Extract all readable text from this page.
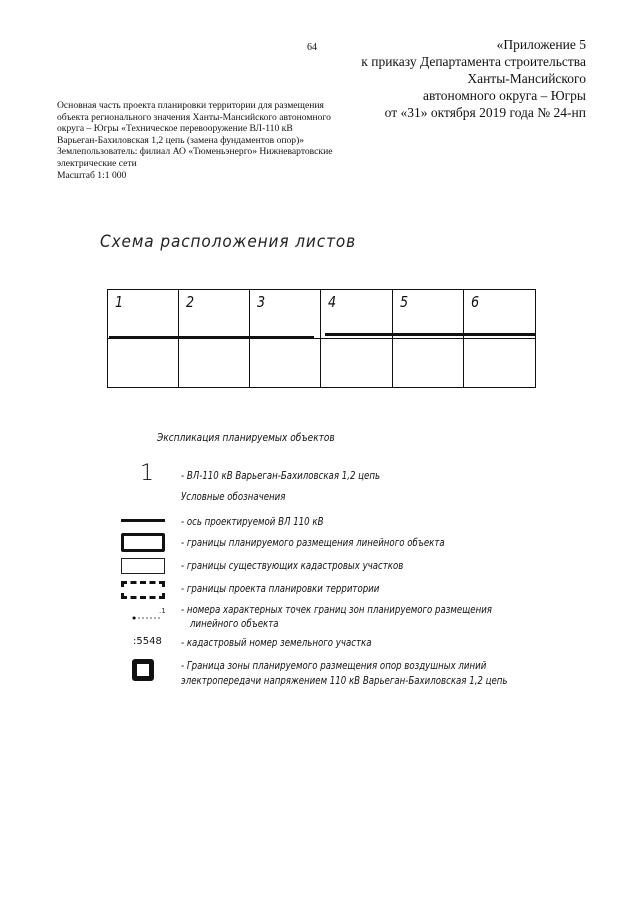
64	«Приложение 5
к приказу Департамента строительства
Ханты-Мансийского
автономного округа – Югры
от «31» октября 2019 года № 24-нп
Основная часть проекта планировки территории для размещения
объекта регионального значения Ханты-Мансийского автономного
округа – Югры «Техническое перевооружение ВЛ-110 кВ
Варьеган-Бахиловская 1,2 цепь (замена фундаментов опор)»
Землепользователь: филиал АО «Тюменьэнерго» Нижневартовские
электрические сети
Масштаб 1:1 000
Схема расположения листов
1	2	3	4	5	6
Экспликация планируемых объектов
1	- ВЛ-110 кВ Варьеган-Бахиловская 1,2 цепь
Условные обозначения
- ось проектируемой ВЛ 110 кВ
- границы планируемого размещения линейного объекта
- границы существующих кадастровых участков
- границы проекта планировки территории
.1 - номера характерных точек границ зон планируемого размещения
линейного объекта
:5548 - кадастровый номер земельного участка
- Граница зоны планируемого размещения опор воздушных линий
электропередачи напряжением 110 кВ Варьеган-Бахиловская 1,2 цепь
